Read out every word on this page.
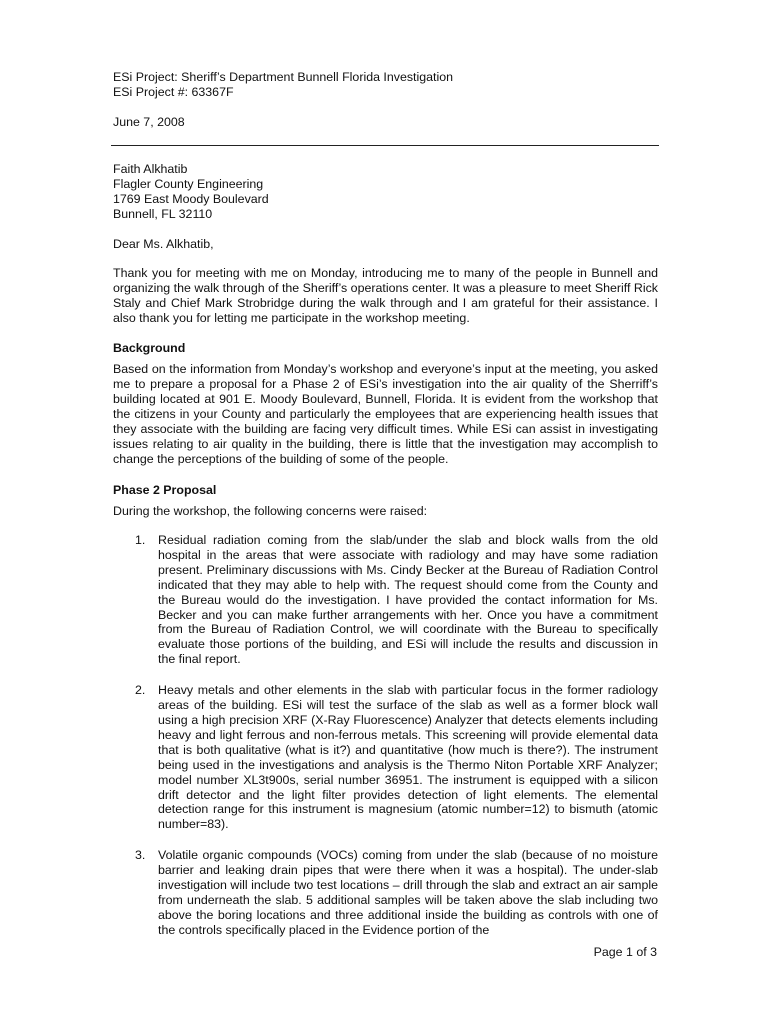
ESi Project: Sheriff’s Department Bunnell Florida Investigation

ESi Project #: 63367F

June 7, 2008

Faith Alkhatib

Flagler County Engineering

1769 East Moody Boulevard

Bunnell, FL 32110

Dear Ms. Alkhatib,

Thank you for meeting with me on Monday, introducing me to many of the people in Bunnell and organizing the walk through of the Sheriff’s operations center. It was a pleasure to meet Sheriff Rick Staly and Chief Mark Strobridge during the walk through and I am grateful for their assistance. I also thank you for letting me participate in the workshop meeting.

Background

Based on the information from Monday’s workshop and everyone’s input at the meeting, you asked me to prepare a proposal for a Phase 2 of ESi’s investigation into the air quality of the Sherriff’s building located at 901 E. Moody Boulevard, Bunnell, Florida. It is evident from the workshop that the citizens in your County and particularly the employees that are experiencing health issues that they associate with the building are facing very difficult times. While ESi can assist in investigating issues relating to air quality in the building, there is little that the investigation may accomplish to change the perceptions of the building of some of the people.

Phase 2 Proposal

During the workshop, the following concerns were raised:

1. Residual radiation coming from the slab/under the slab and block walls from the old hospital in the areas that were associate with radiology and may have some radiation present. Preliminary discussions with Ms. Cindy Becker at the Bureau of Radiation Control indicated that they may able to help with. The request should come from the County and the Bureau would do the investigation. I have provided the contact information for Ms. Becker and you can make further arrangements with her. Once you have a commitment from the Bureau of Radiation Control, we will coordinate with the Bureau to specifically evaluate those portions of the building, and ESi will include the results and discussion in the final report.
2. Heavy metals and other elements in the slab with particular focus in the former radiology areas of the building. ESi will test the surface of the slab as well as a former block wall using a high precision XRF (X-Ray Fluorescence) Analyzer that detects elements including heavy and light ferrous and non-ferrous metals. This screening will provide elemental data that is both qualitative (what is it?) and quantitative (how much is there?). The instrument being used in the investigations and analysis is the Thermo Niton Portable XRF Analyzer; model number XL3t900s, serial number 36951. The instrument is equipped with a silicon drift detector and the light filter provides detection of light elements. The elemental detection range for this instrument is magnesium (atomic number=12) to bismuth (atomic number=83).
3. Volatile organic compounds (VOCs) coming from under the slab (because of no moisture barrier and leaking drain pipes that were there when it was a hospital). The under-slab investigation will include two test locations – drill through the slab and extract an air sample from underneath the slab. 5 additional samples will be taken above the slab including two above the boring locations and three additional inside the building as controls with one of the controls specifically placed in the Evidence portion of the

Page 1 of 3
